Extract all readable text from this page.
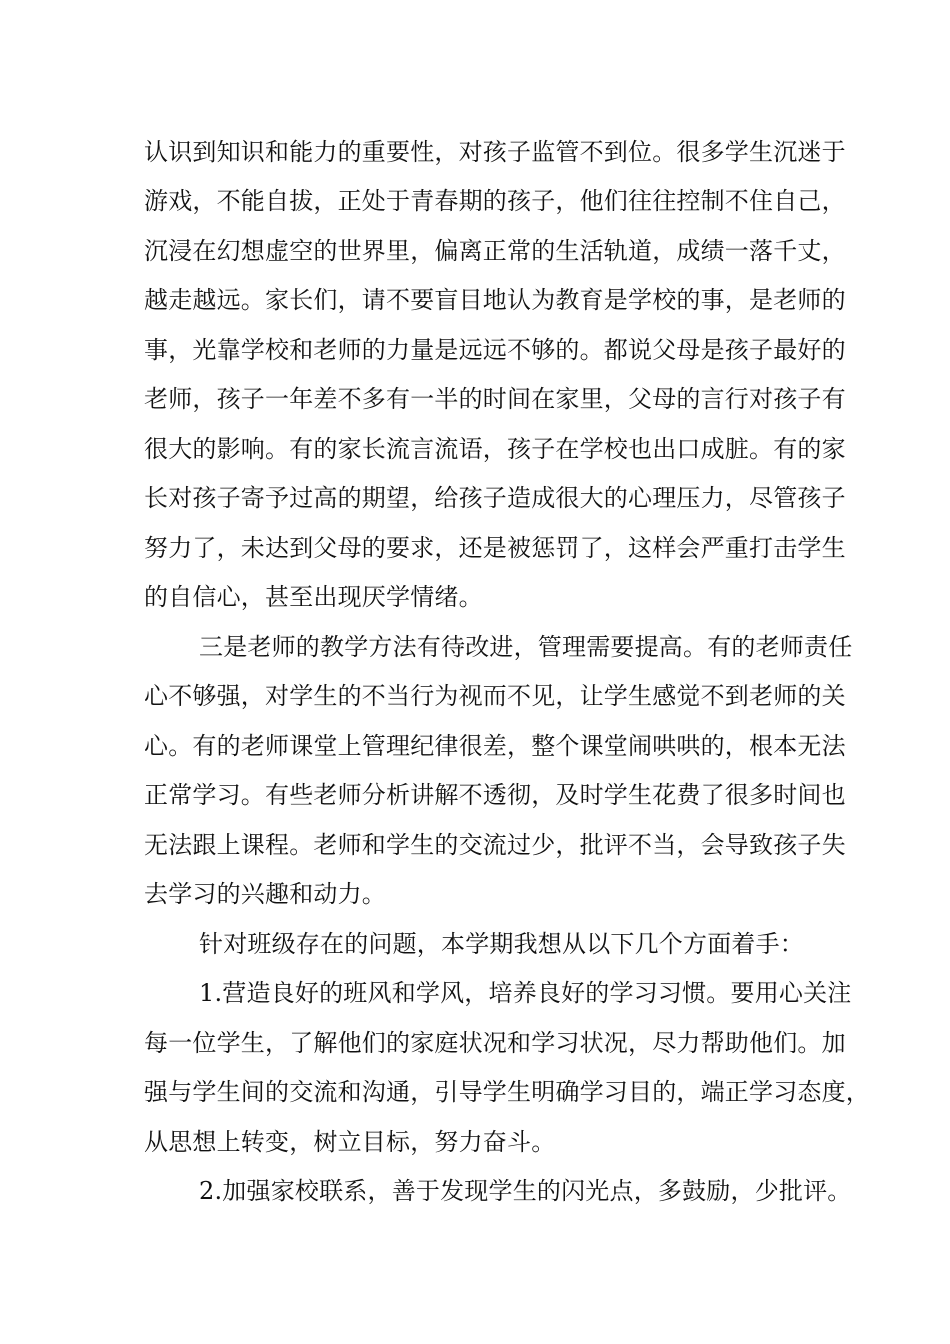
认识到知识和能力的重要性，对孩子监管不到位。很多学生沉迷于
游戏，不能自拔，正处于青春期的孩子，他们往往控制不住自己，
沉浸在幻想虚空的世界里，偏离正常的生活轨道，成绩一落千丈，
越走越远。家长们，请不要盲目地认为教育是学校的事，是老师的
事，光靠学校和老师的力量是远远不够的。都说父母是孩子最好的
老师，孩子一年差不多有一半的时间在家里，父母的言行对孩子有
很大的影响。有的家长流言流语，孩子在学校也出口成脏。有的家
长对孩子寄予过高的期望，给孩子造成很大的心理压力，尽管孩子
努力了，未达到父母的要求，还是被惩罚了，这样会严重打击学生
的自信心，甚至出现厌学情绪。
三是老师的教学方法有待改进，管理需要提高。有的老师责任
心不够强，对学生的不当行为视而不见，让学生感觉不到老师的关
心。有的老师课堂上管理纪律很差，整个课堂闹哄哄的，根本无法
正常学习。有些老师分析讲解不透彻，及时学生花费了很多时间也
无法跟上课程。老师和学生的交流过少，批评不当，会导致孩子失
去学习的兴趣和动力。
针对班级存在的问题，本学期我想从以下几个方面着手：
1.营造良好的班风和学风，培养良好的学习习惯。要用心关注
每一位学生，了解他们的家庭状况和学习状况，尽力帮助他们。加
强与学生间的交流和沟通，引导学生明确学习目的，端正学习态度，
从思想上转变，树立目标，努力奋斗。
2.加强家校联系，善于发现学生的闪光点，多鼓励，少批评。
